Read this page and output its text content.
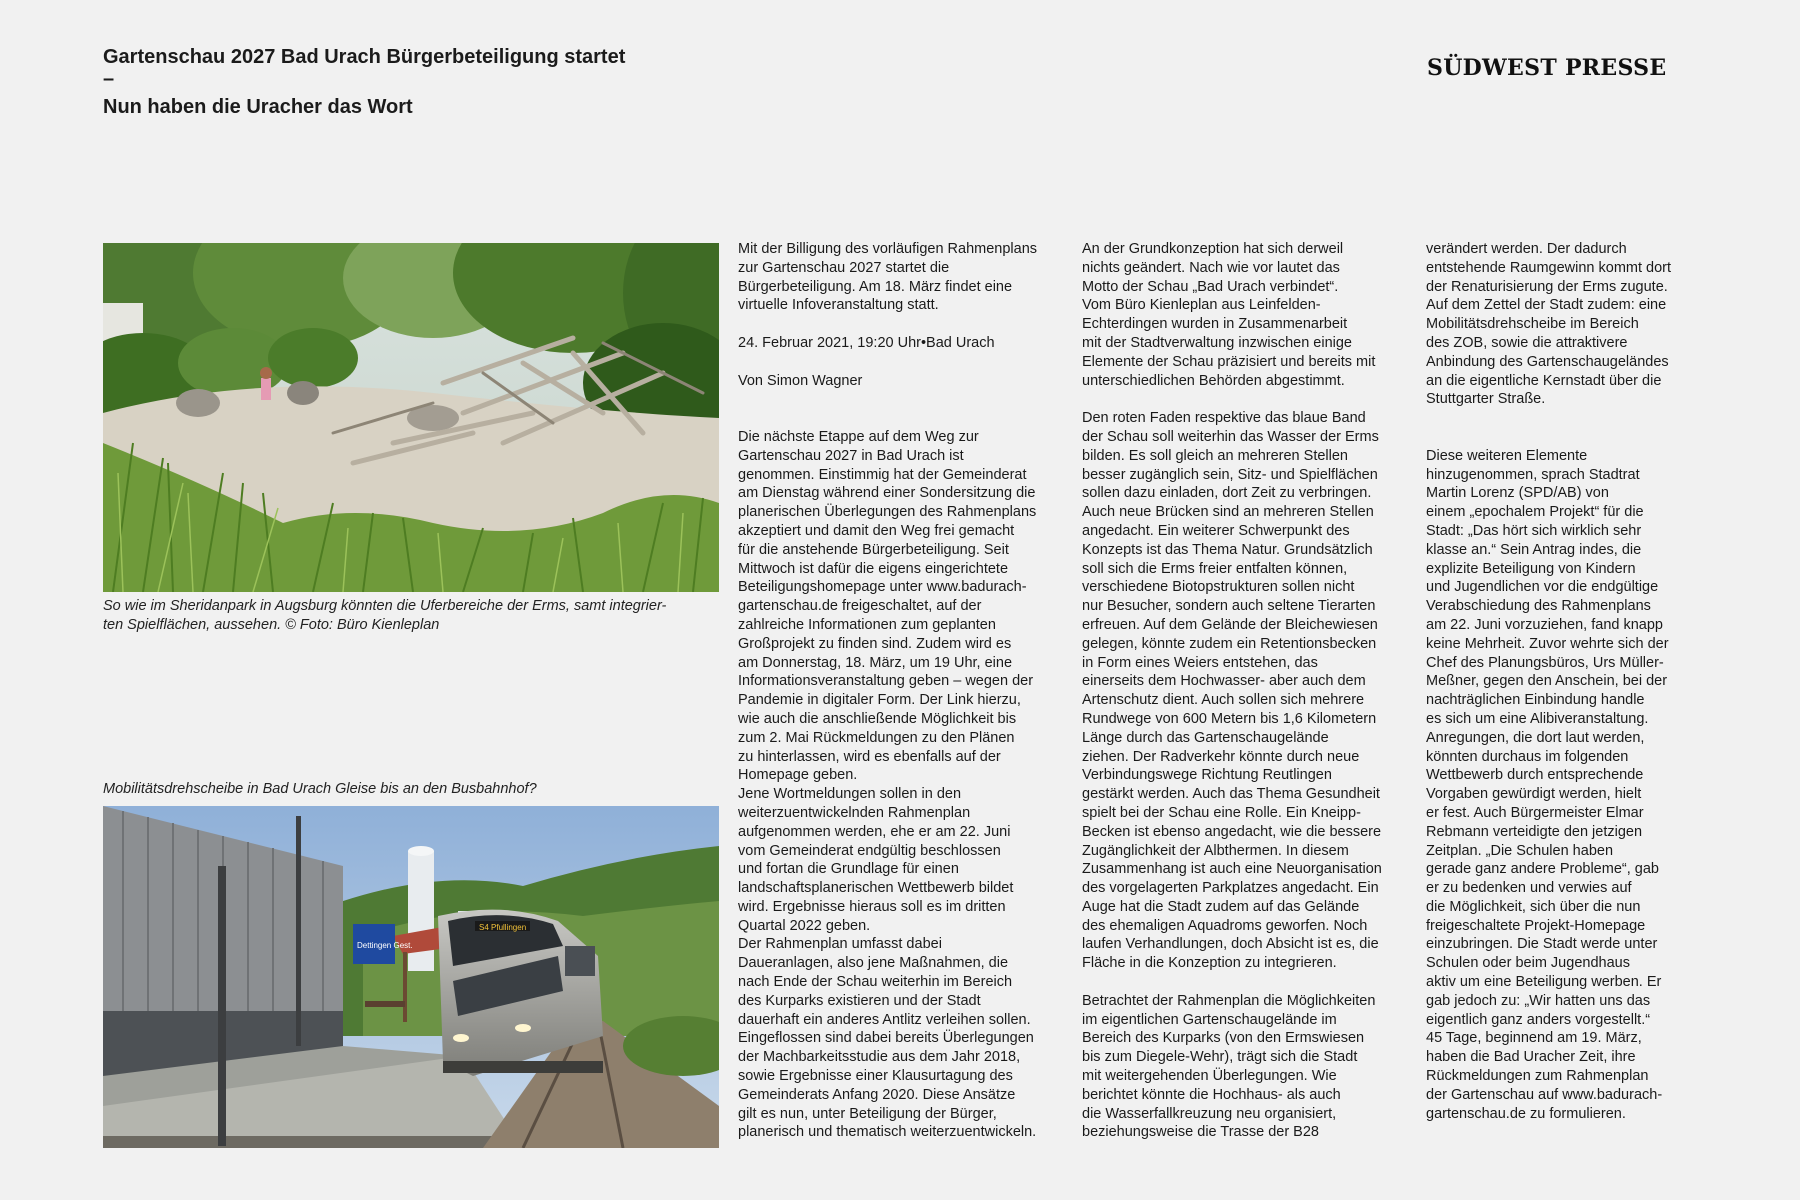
Gartenschau 2027 Bad Urach Bürgerbeteiligung startet
–
Nun haben die Uracher das Wort
SÜDWEST PRESSE

So wie im Sheridanpark in Augsburg könnten die Uferbereiche der Erms, samt integrier-
ten Spielflächen, aussehen. © Foto: Büro Kienleplan

Mobilitätsdrehscheibe in Bad Urach Gleise bis an den Busbahnhof?

Dettingen Gest.
S4 Pfullingen

Mit der Billigung des vorläufigen Rahmenplans
zur Gartenschau 2027 startet die
Bürgerbeteiligung. Am 18. März findet eine
virtuelle Infoveranstaltung statt.

24. Februar 2021, 19:20 Uhr•Bad Urach

Von Simon Wagner

Die nächste Etappe auf dem Weg zur
Gartenschau 2027 in Bad Urach ist
genommen. Einstimmig hat der Gemeinderat
am Dienstag während einer Sondersitzung die
planerischen Überlegungen des Rahmenplans
akzeptiert und damit den Weg frei gemacht
für die anstehende Bürgerbeteiligung. Seit
Mittwoch ist dafür die eigens eingerichtete
Beteiligungshomepage unter www.badurach-
gartenschau.de freigeschaltet, auf der
zahlreiche Informationen zum geplanten
Großprojekt zu finden sind. Zudem wird es
am Donnerstag, 18. März, um 19 Uhr, eine
Informationsveranstaltung geben – wegen der
Pandemie in digitaler Form. Der Link hierzu,
wie auch die anschließende Möglichkeit bis
zum 2. Mai Rückmeldungen zu den Plänen
zu hinterlassen, wird es ebenfalls auf der
Homepage geben.
Jene Wortmeldungen sollen in den
weiterzuentwickelnden Rahmenplan
aufgenommen werden, ehe er am 22. Juni
vom Gemeinderat endgültig beschlossen
und fortan die Grundlage für einen
landschaftsplanerischen Wettbewerb bildet
wird. Ergebnisse hieraus soll es im dritten
Quartal 2022 geben.
Der Rahmenplan umfasst dabei
Daueranlagen, also jene Maßnahmen, die
nach Ende der Schau weiterhin im Bereich
des Kurparks existieren und der Stadt
dauerhaft ein anderes Antlitz verleihen sollen.
Eingeflossen sind dabei bereits Überlegungen
der Machbarkeitsstudie aus dem Jahr 2018,
sowie Ergebnisse einer Klausurtagung des
Gemeinderats Anfang 2020. Diese Ansätze
gilt es nun, unter Beteiligung der Bürger,
planerisch und thematisch weiterzuentwickeln.

An der Grundkonzeption hat sich derweil
nichts geändert. Nach wie vor lautet das
Motto der Schau „Bad Urach verbindet“.
Vom Büro Kienleplan aus Leinfelden-
Echterdingen wurden in Zusammenarbeit
mit der Stadtverwaltung inzwischen einige
Elemente der Schau präzisiert und bereits mit
unterschiedlichen Behörden abgestimmt.

Den roten Faden respektive das blaue Band
der Schau soll weiterhin das Wasser der Erms
bilden. Es soll gleich an mehreren Stellen
besser zugänglich sein, Sitz- und Spielflächen
sollen dazu einladen, dort Zeit zu verbringen.
Auch neue Brücken sind an mehreren Stellen
angedacht. Ein weiterer Schwerpunkt des
Konzepts ist das Thema Natur. Grundsätzlich
soll sich die Erms freier entfalten können,
verschiedene Biotopstrukturen sollen nicht
nur Besucher, sondern auch seltene Tierarten
erfreuen. Auf dem Gelände der Bleichewiesen
gelegen, könnte zudem ein Retentionsbecken
in Form eines Weiers entstehen, das
einerseits dem Hochwasser- aber auch dem
Artenschutz dient. Auch sollen sich mehrere
Rundwege von 600 Metern bis 1,6 Kilometern
Länge durch das Gartenschaugelände
ziehen. Der Radverkehr könnte durch neue
Verbindungswege Richtung Reutlingen
gestärkt werden. Auch das Thema Gesundheit
spielt bei der Schau eine Rolle. Ein Kneipp-
Becken ist ebenso angedacht, wie die bessere
Zugänglichkeit der Albthermen. In diesem
Zusammenhang ist auch eine Neuorganisation
des vorgelagerten Parkplatzes angedacht. Ein
Auge hat die Stadt zudem auf das Gelände
des ehemaligen Aquadroms geworfen. Noch
laufen Verhandlungen, doch Absicht ist es, die
Fläche in die Konzeption zu integrieren.

Betrachtet der Rahmenplan die Möglichkeiten
im eigentlichen Gartenschaugelände im
Bereich des Kurparks (von den Ermswiesen
bis zum Diegele-Wehr), trägt sich die Stadt
mit weitergehenden Überlegungen. Wie
berichtet könnte die Hochhaus- als auch
die Wasserfallkreuzung neu organisiert,
beziehungsweise die Trasse der B28

verändert werden. Der dadurch
entstehende Raumgewinn kommt dort
der Renaturisierung der Erms zugute.
Auf dem Zettel der Stadt zudem: eine
Mobilitätsdrehscheibe im Bereich
des ZOB, sowie die attraktivere
Anbindung des Gartenschaugeländes
an die eigentliche Kernstadt über die
Stuttgarter Straße.

Diese weiteren Elemente
hinzugenommen, sprach Stadtrat
Martin Lorenz (SPD/AB) von
einem „epochalem Projekt“ für die
Stadt: „Das hört sich wirklich sehr
klasse an.“ Sein Antrag indes, die
explizite Beteiligung von Kindern
und Jugendlichen vor die endgültige
Verabschiedung des Rahmenplans
am 22. Juni vorzuziehen, fand knapp
keine Mehrheit. Zuvor wehrte sich der
Chef des Planungsbüros, Urs Müller-
Meßner, gegen den Anschein, bei der
nachträglichen Einbindung handle
es sich um eine Alibiveranstaltung.
Anregungen, die dort laut werden,
könnten durchaus im folgenden
Wettbewerb durch entsprechende
Vorgaben gewürdigt werden, hielt
er fest. Auch Bürgermeister Elmar
Rebmann verteidigte den jetzigen
Zeitplan. „Die Schulen haben
gerade ganz andere Probleme“, gab
er zu bedenken und verwies auf
die Möglichkeit, sich über die nun
freigeschaltete Projekt-Homepage
einzubringen. Die Stadt werde unter
Schulen oder beim Jugendhaus
aktiv um eine Beteiligung werben. Er
gab jedoch zu: „Wir hatten uns das
eigentlich ganz anders vorgestellt.“
45 Tage, beginnend am 19. März,
haben die Bad Uracher Zeit, ihre
Rückmeldungen zum Rahmenplan
der Gartenschau auf www.badurach-
gartenschau.de zu formulieren.
